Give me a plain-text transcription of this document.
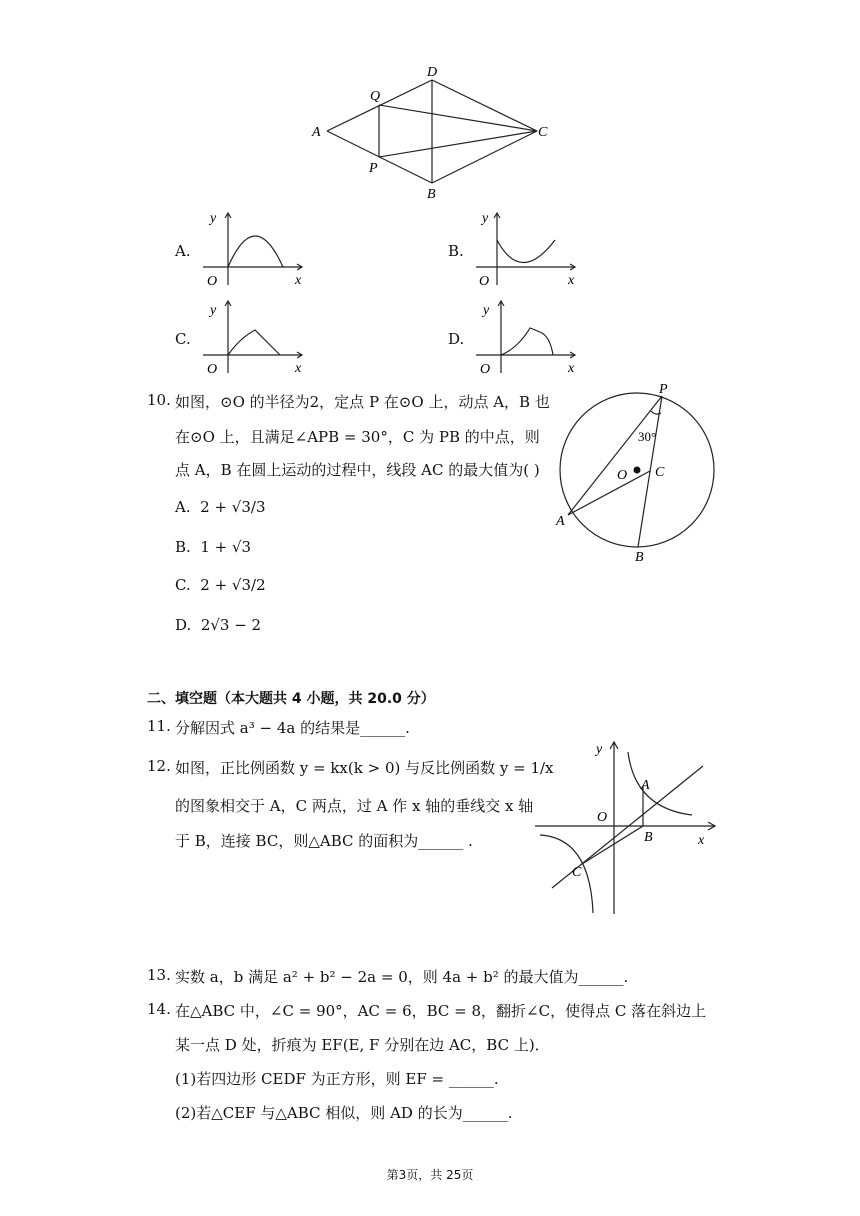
A
D
Q
P
C
B
A.
y
O	x
B.
y
O	x
C.
y
O	x
D.
y
O	x
10. 如图，⊙O 的半径为2，定点 P 在⊙O 上，动点 A，B 也
在⊙O 上，且满足∠APB = 30°，C 为 PB 的中点，则
点 A，B 在圆上运动的过程中，线段 AC 的最大值为( )
A. 2 + √3/3
B. 1 + √3
C. 2 + √3/2
D. 2√3 − 2
P
A
B
C
O
30°
二、填空题（本大题共 4 小题，共 20.0 分）
11. 分解因式 a³ − 4a 的结果是______.
12. 如图，正比例函数 y = kx(k > 0) 与反比例函数 y = 1/x
的图象相交于 A，C 两点，过 A 作 x 轴的垂线交 x 轴
于 B，连接 BC，则△ABC 的面积为______ .
y
x
O
A
B
C
13. 实数 a，b 满足 a² + b² − 2a = 0，则 4a + b² 的最大值为______.
14. 在△ABC 中，∠C = 90°，AC = 6，BC = 8，翻折∠C，使得点 C 落在斜边上
某一点 D 处，折痕为 EF(E, F 分别在边 AC，BC 上)．
(1)若四边形 CEDF 为正方形，则 EF = ______.
(2)若△CEF 与△ABC 相似，则 AD 的长为______.
第3页，共 25页
